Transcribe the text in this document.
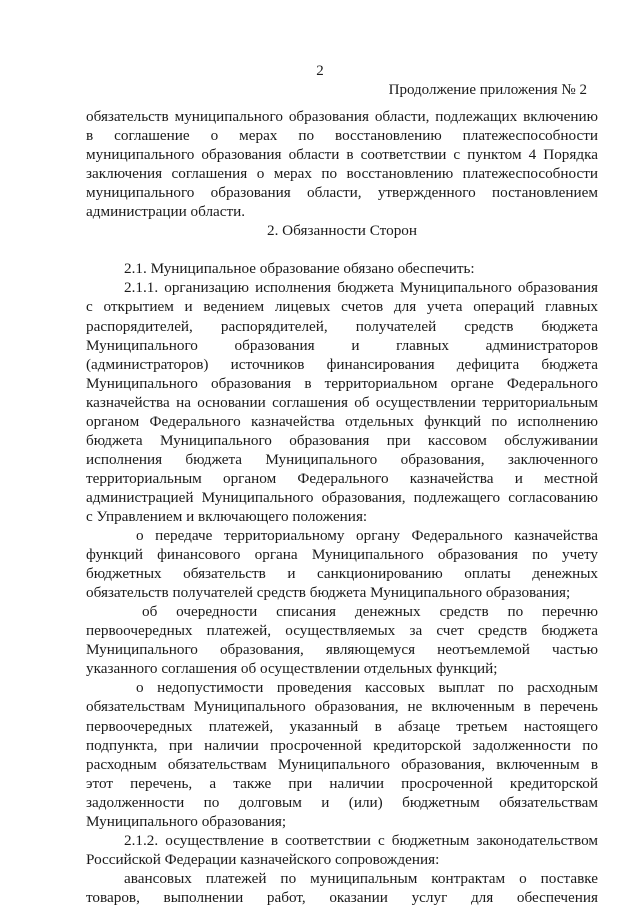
2
Продолжение приложения № 2
обязательств муниципального образования области, подлежащих включению
в соглашение о мерах по восстановлению платежеспособности
муниципального образования области в соответствии с пунктом 4 Порядка
заключения соглашения о мерах по восстановлению платежеспособности
муниципального образования области, утвержденного постановлением
администрации области.
2. Обязанности Сторон
2.1. Муниципальное образование обязано обеспечить:
2.1.1. организацию исполнения бюджета Муниципального образования
с открытием и ведением лицевых счетов для учета операций главных
распорядителей, распорядителей, получателей средств бюджета
Муниципального образования и главных администраторов
(администраторов) источников финансирования дефицита бюджета
Муниципального образования в территориальном органе Федерального
казначейства на основании соглашения об осуществлении территориальным
органом Федерального казначейства отдельных функций по исполнению
бюджета Муниципального образования при кассовом обслуживании
исполнения бюджета Муниципального образования, заключенного
территориальным органом Федерального казначейства и местной
администрацией Муниципального образования, подлежащего согласованию
с Управлением и включающего положения:
о передаче территориальному органу Федерального казначейства
функций финансового органа Муниципального образования по учету
бюджетных обязательств и санкционированию оплаты денежных
обязательств получателей средств бюджета Муниципального образования;
об очередности списания денежных средств по перечню
первоочередных платежей, осуществляемых за счет средств бюджета
Муниципального образования, являющемуся неотъемлемой частью
указанного соглашения об осуществлении отдельных функций;
о недопустимости проведения кассовых выплат по расходным
обязательствам Муниципального образования, не включенным в перечень
первоочередных платежей, указанный в абзаце третьем настоящего
подпункта, при наличии просроченной кредиторской задолженности по
расходным обязательствам Муниципального образования, включенным в
этот перечень, а также при наличии просроченной кредиторской
задолженности по долговым и (или) бюджетным обязательствам
Муниципального образования;
2.1.2. осуществление в соответствии с бюджетным законодательством
Российской Федерации казначейского сопровождения:
авансовых платежей по муниципальным контрактам о поставке
товаров, выполнении работ, оказании услуг для обеспечения
